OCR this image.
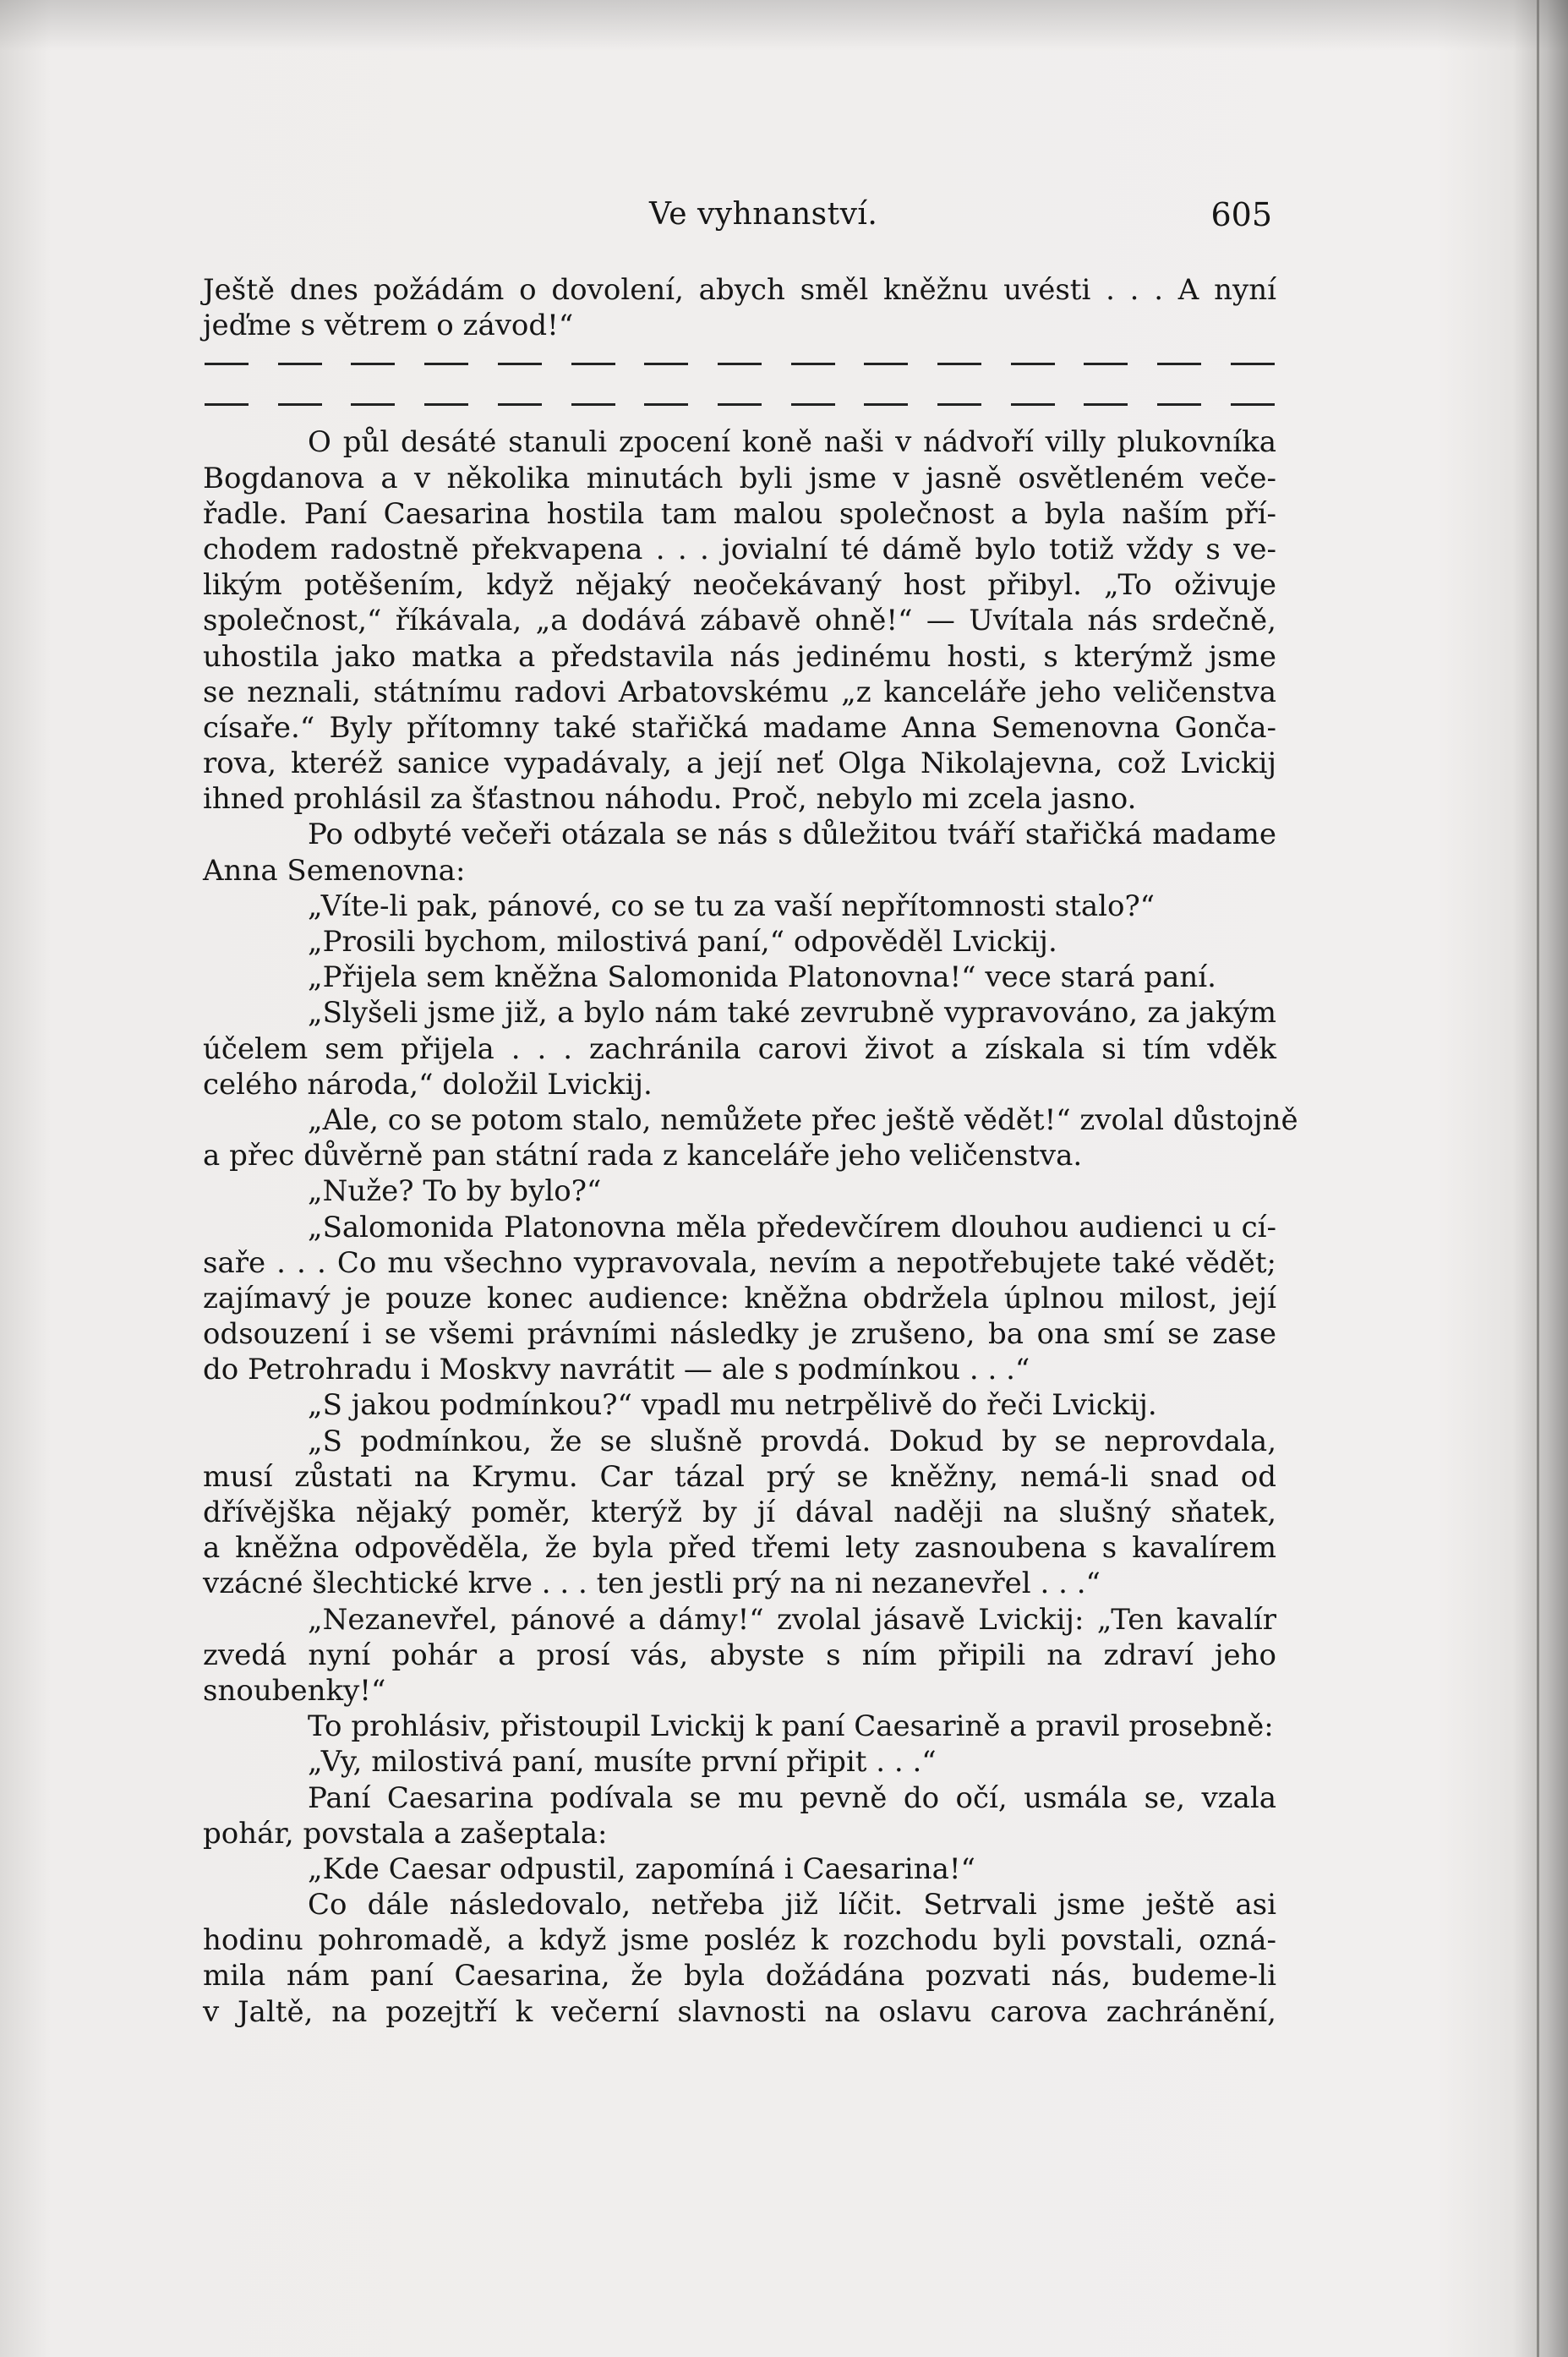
Ve vyhnanství.	605
Ještě dnes požádám o dovolení, abych směl kněžnu uvésti . . . A nyní
jeďme s větrem o závod!“
O půl desáté stanuli zpocení koně naši v nádvoří villy plukovníka
Bogdanova a v několika minutách byli jsme v jasně osvětleném veče-
řadle. Paní Caesarina hostila tam malou společnost a byla naším pří-
chodem radostně překvapena . . . jovialní té dámě bylo totiž vždy s ve-
likým potěšením, když nějaký neočekávaný host přibyl. „To oživuje
společnost,“ říkávala, „a dodává zábavě ohně!“ — Uvítala nás srdečně,
uhostila jako matka a představila nás jedinému hosti, s kterýmž jsme
se neznali, státnímu radovi Arbatovskému „z kanceláře jeho veličenstva
císaře.“ Byly přítomny také stařičká madame Anna Semenovna Gonča-
rova, kteréž sanice vypadávaly, a její neť Olga Nikolajevna, což Lvickij
ihned prohlásil za šťastnou náhodu. Proč, nebylo mi zcela jasno.
Po odbyté večeři otázala se nás s důležitou tváří stařičká madame
Anna Semenovna:
„Víte-li pak, pánové, co se tu za vaší nepřítomnosti stalo?“
„Prosili bychom, milostivá paní,“ odpověděl Lvickij.
„Přijela sem kněžna Salomonida Platonovna!“ vece stará paní.
„Slyšeli jsme již, a bylo nám také zevrubně vypravováno, za jakým
účelem sem přijela . . . zachránila carovi život a získala si tím vděk
celého národa,“ doložil Lvickij.
„Ale, co se potom stalo, nemůžete přec ještě vědět!“ zvolal důstojně
a přec důvěrně pan státní rada z kanceláře jeho veličenstva.
„Nuže? To by bylo?“
„Salomonida Platonovna měla předevčírem dlouhou audienci u cí-
saře . . . Co mu všechno vypravovala, nevím a nepotřebujete také vědět;
zajímavý je pouze konec audience: kněžna obdržela úplnou milost, její
odsouzení i se všemi právními následky je zrušeno, ba ona smí se zase
do Petrohradu i Moskvy navrátit — ale s podmínkou . . .“
„S jakou podmínkou?“ vpadl mu netrpělivě do řeči Lvickij.
„S podmínkou, že se slušně provdá. Dokud by se neprovdala,
musí zůstati na Krymu. Car tázal prý se kněžny, nemá-li snad od
dřívějška nějaký poměr, kterýž by jí dával naději na slušný sňatek,
a kněžna odpověděla, že byla před třemi lety zasnoubena s kavalírem
vzácné šlechtické krve . . . ten jestli prý na ni nezanevřel . . .“
„Nezanevřel, pánové a dámy!“ zvolal jásavě Lvickij: „Ten kavalír
zvedá nyní pohár a prosí vás, abyste s ním připili na zdraví jeho
snoubenky!“
To prohlásiv, přistoupil Lvickij k paní Caesarině a pravil prosebně:
„Vy, milostivá paní, musíte první připit . . .“
Paní Caesarina podívala se mu pevně do očí, usmála se, vzala
pohár, povstala a zašeptala:
„Kde Caesar odpustil, zapomíná i Caesarina!“
Co dále následovalo, netřeba již líčit. Setrvali jsme ještě asi
hodinu pohromadě, a když jsme posléz k rozchodu byli povstali, ozná-
mila nám paní Caesarina, že byla dožádána pozvati nás, budeme-li
v Jaltě, na pozejtří k večerní slavnosti na oslavu carova zachránění,
